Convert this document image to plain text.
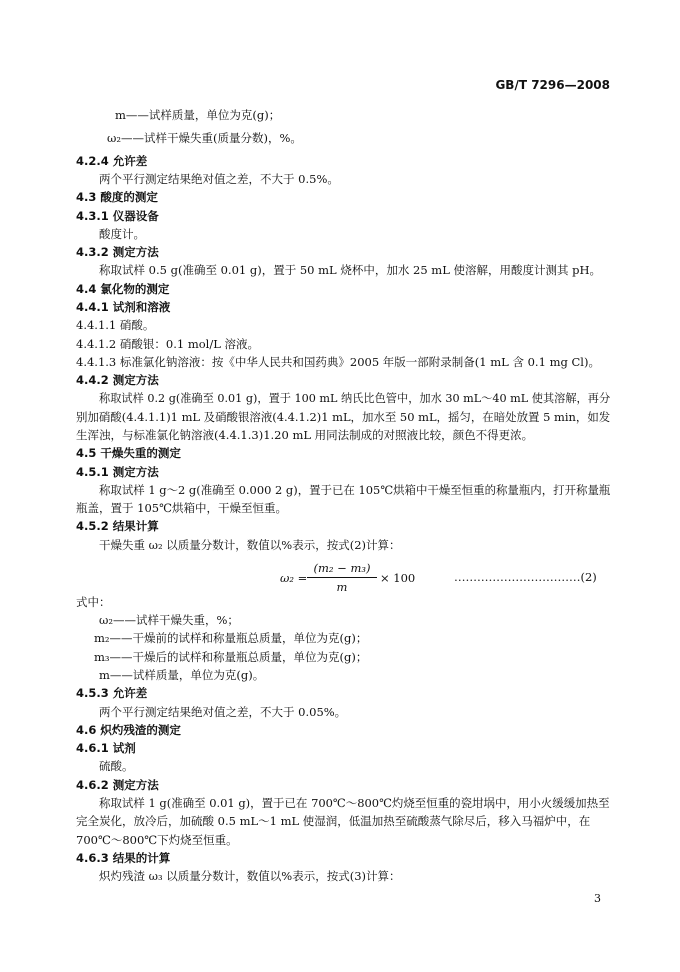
GB/T 7296—2008
m——试样质量，单位为克(g)；
ω₂——试样干燥失重(质量分数)，%。
4.2.4 允许差
两个平行测定结果绝对值之差，不大于 0.5%。
4.3 酸度的测定
4.3.1 仪器设备
酸度计。
4.3.2 测定方法
称取试样 0.5 g(准确至 0.01 g)，置于 50 mL 烧杯中，加水 25 mL 使溶解，用酸度计测其 pH。
4.4 氯化物的测定
4.4.1 试剂和溶液
4.4.1.1 硝酸。
4.4.1.2 硝酸银：0.1 mol/L 溶液。
4.4.1.3 标准氯化钠溶液：按《中华人民共和国药典》2005 年版一部附录制备(1 mL 含 0.1 mg Cl)。
4.4.2 测定方法
称取试样 0.2 g(准确至 0.01 g)，置于 100 mL 纳氏比色管中，加水 30 mL～40 mL 使其溶解，再分
别加硝酸(4.4.1.1)1 mL 及硝酸银溶液(4.4.1.2)1 mL，加水至 50 mL，摇匀，在暗处放置 5 min，如发
生浑浊，与标准氯化钠溶液(4.4.1.3)1.20 mL 用同法制成的对照液比较，颜色不得更浓。
4.5 干燥失重的测定
4.5.1 测定方法
称取试样 1 g～2 g(准确至 0.000 2 g)，置于已在 105℃烘箱中干燥至恒重的称量瓶内，打开称量瓶
瓶盖，置于 105℃烘箱中，干燥至恒重。
4.5.2 结果计算
干燥失重 ω₂ 以质量分数计，数值以%表示，按式(2)计算：
ω₂ =
(m₂ − m₃)
m
× 100	……………………………(2)
式中：
ω₂——试样干燥失重，%；
m₂——干燥前的试样和称量瓶总质量，单位为克(g)；
m₃——干燥后的试样和称量瓶总质量，单位为克(g)；
m——试样质量，单位为克(g)。
4.5.3 允许差
两个平行测定结果绝对值之差，不大于 0.05%。
4.6 炽灼残渣的测定
4.6.1 试剂
硫酸。
4.6.2 测定方法
称取试样 1 g(准确至 0.01 g)，置于已在 700℃～800℃灼烧至恒重的瓷坩埚中，用小火缓缓加热至
完全炭化，放冷后，加硫酸 0.5 mL～1 mL 使湿润，低温加热至硫酸蒸气除尽后，移入马福炉中，在
700℃～800℃下灼烧至恒重。
4.6.3 结果的计算
炽灼残渣 ω₃ 以质量分数计，数值以%表示，按式(3)计算：
3
